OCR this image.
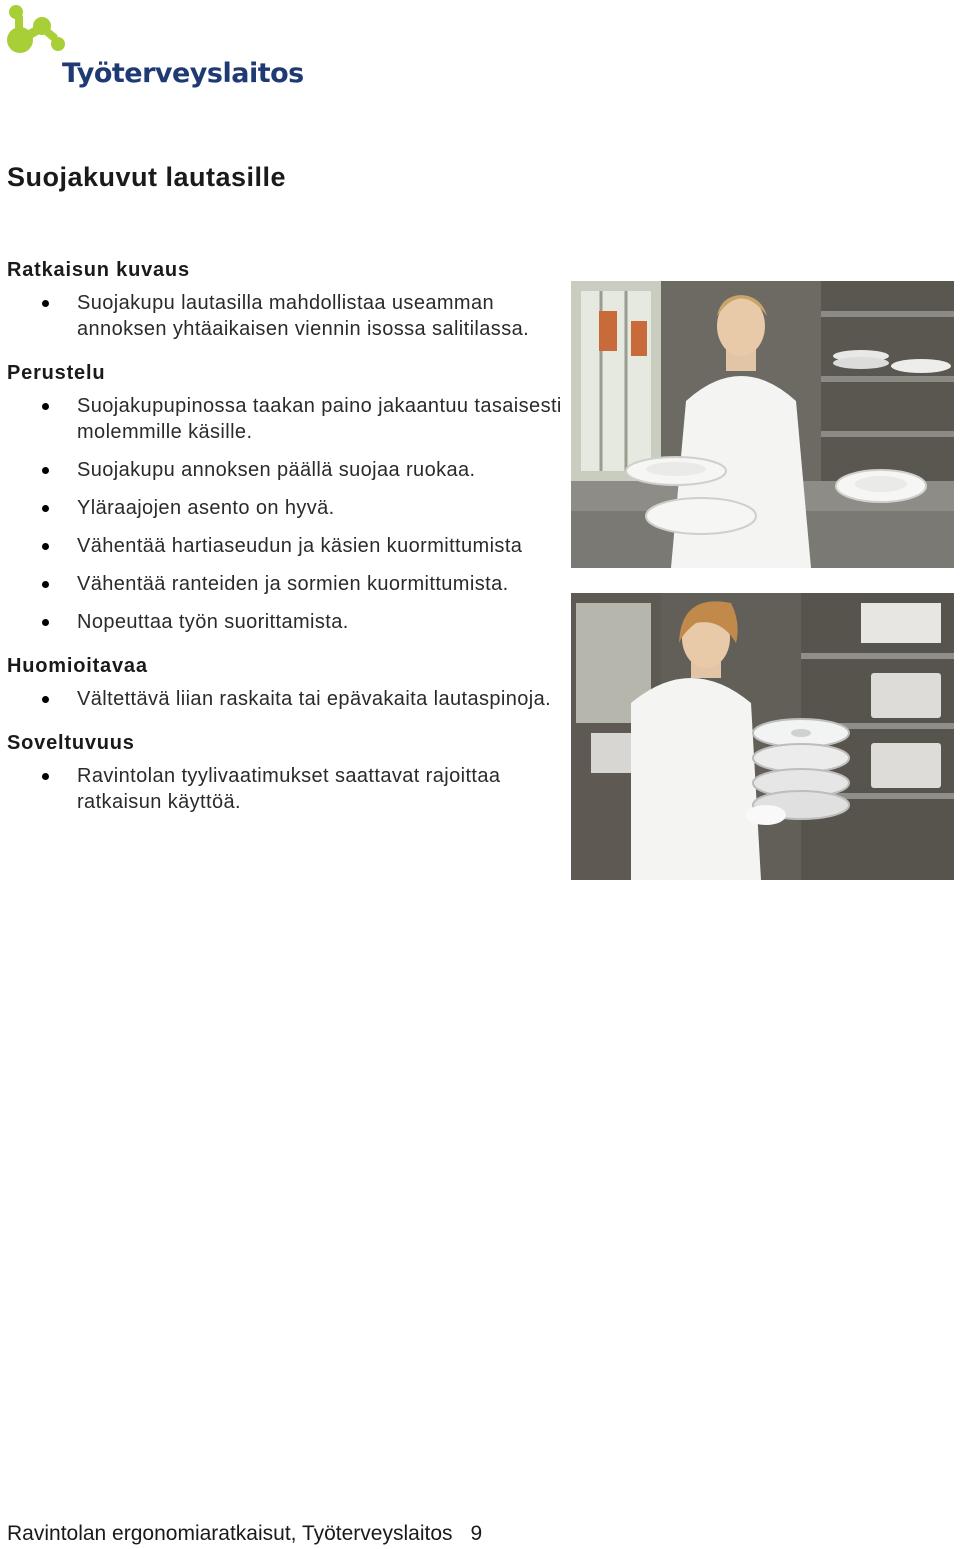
Työterveyslaitos
Suojakuvut lautasille
Ratkaisun kuvaus
Suojakupu lautasilla mahdollistaa useamman annoksen yhtäaikaisen viennin isossa salitilassa.
Perustelu
Suojakupupinossa taakan paino jakaantuu tasaisesti molemmille käsille.
Suojakupu annoksen päällä suojaa ruokaa.
Yläraajojen asento on hyvä.
Vähentää hartiaseudun ja käsien kuormittumista
Vähentää ranteiden ja sormien kuormittumista.
Nopeuttaa työn suorittamista.
Huomioitavaa
Vältettävä liian raskaita tai epävakaita lautaspinoja.
Soveltuvuus
Ravintolan tyylivaatimukset saattavat rajoittaa ratkaisun käyttöä.
Ravintolan ergonomiaratkaisut, Työterveyslaitos 9
